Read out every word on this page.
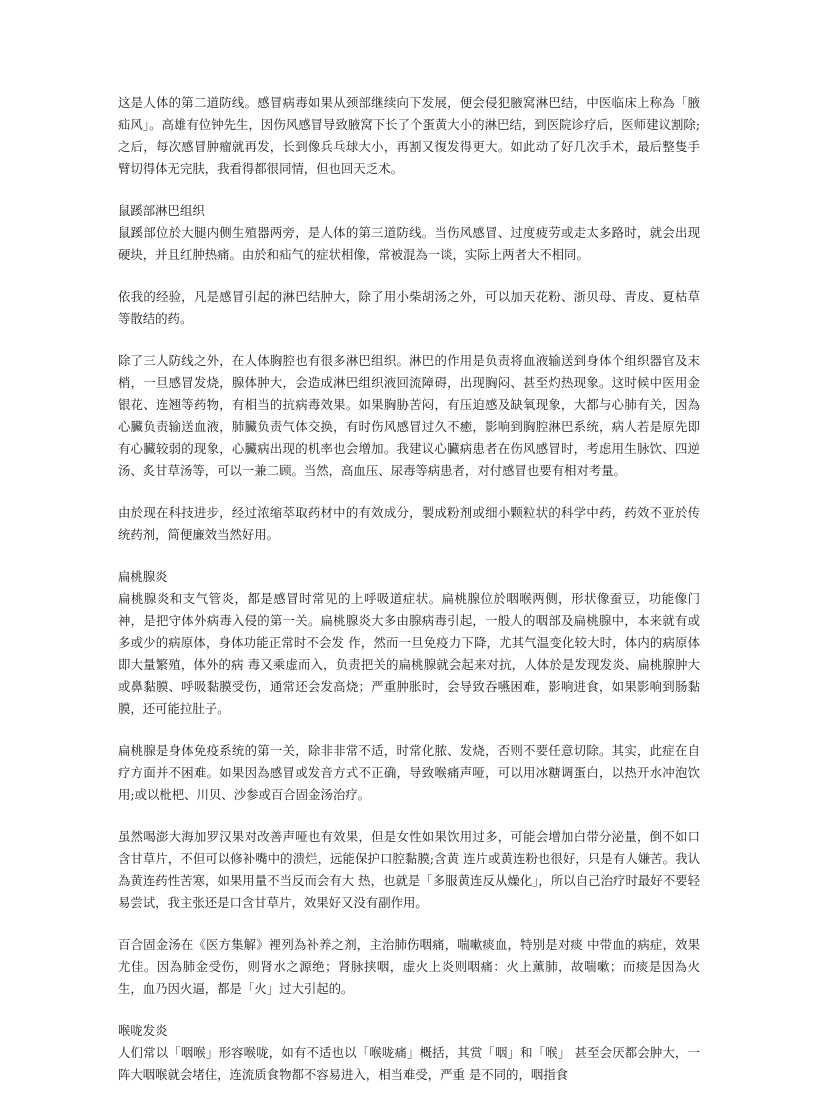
这是人体的第二道防线。感冒病毒如果从颈部继续向下发展，便会侵犯腋窝淋巴结，中医临床上称為「腋疝风」。高雄有位钟先生，因伤风感冒导致腋窝下长了个蛋黄大小的淋巴结，到医院诊疗后，医师建议割除;之后，每次感冒肿瘤就再发，长到像兵乓球大小，再割又復发得更大。如此动了好几次手术，最后整隻手臂切得体无完肤，我看得都很同情，但也回天乏术。

鼠蹊部淋巴组织

鼠蹊部位於大腿内侧生殖器两旁，是人体的第三道防线。当伤风感冒、过度疲劳或走太多路时，就会出现硬块，并且红肿热痛。由於和疝气的症状相像，常被混為一谈，实际上两者大不相同。

依我的经验，凡是感冒引起的淋巴结肿大，除了用小柴胡汤之外，可以加天花粉、浙贝母、青皮、夏枯草等散结的药。

除了三人防线之外，在人体胸腔也有很多淋巴组织。淋巴的作用是负责将血液输送到身体个组织器官及末梢，一旦感冒发烧，腺体肿大，会造成淋巴组织液回流障碍，出现胸闷、甚至灼热现象。这时候中医用金银花、连翘等药物，有相当的抗病毒效果。如果胸胁苦闷，有压迫感及缺氧现象，大都与心肺有关，因為心臟负责输送血液，肺臟负责气体交换，有时伤风感冒过久不癒，影响到胸腔淋巴系统，病人若是原先即有心臟较弱的现象，心臟病出现的机率也会增加。我建议心臟病患者在伤风感冒时，考虑用生脉饮、四逆汤、炙甘草汤等，可以一兼二顾。当然，高血压、尿毒等病患者，对付感冒也要有相对考量。

由於现在科技进步，经过浓缩萃取药材中的有效成分，製成粉剂或细小颗粒状的科学中药，药效不亚於传统药剂，简便廉效当然好用。

扁桃腺炎

扁桃腺炎和支气管炎，都是感冒时常见的上呼吸道症状。扁桃腺位於咽喉两侧，形状像蚕豆，功能像门神，是把守体外病毒入侵的第一关。扁桃腺炎大多由腺病毒引起，一般人的咽部及扁桃腺中，本来就有或多或少的病原体，身体功能正常时不会发 作，然而一旦免疫力下降，尤其气温变化较大时，体内的病原体即大量繁殖，体外的病 毒又乘虚而入，负责把关的扁桃腺就会起来对抗，人体於是发现发炎、扁桃腺肿大或鼻黏膜、呼吸黏膜受伤，通常还会发高烧；严重肿胀时，会导致吞嚥困难，影响进食，如果影响到肠黏膜，还可能拉肚子。

扁桃腺是身体免疫系统的第一关，除非非常不适，时常化脓、发烧，否则不要任意切除。其实，此症在自疗方面并不困难。如果因為感冒或发音方式不正确，导致喉痛声哑，可以用冰糖调蛋白，以热开水冲泡饮用;或以枇杷、川贝、沙参或百合固金汤治疗。

虽然喝澎大海加罗汉果对改善声哑也有效果，但是女性如果饮用过多，可能会增加白带分泌量，倒不如口含甘草片，不但可以修补嘴中的溃烂，远能保护口腔黏膜;含黄 连片或黄连粉也很好，只是有人嫌苦。我认為黄连药性苦寒，如果用量不当反而会有大 热，也就是「多服黄连反从燥化」，所以自己治疗时最好不要轻易尝试，我主张还是口含甘草片，效果好又没有副作用。

百合固金汤在《医方集解》裡列為补养之剂，主治肺伤咽痛，喘嗽痰血，特别是对痰 中带血的病症，效果尤佳。因為肺金受伤，则肾水之源绝；肾脉挟咽，虚火上炎则咽痛：火上薰肺，故喘嗽；而痰是因為火生，血乃因火逼，都是「火」过大引起的。

喉咙发炎

人们常以「咽喉」形容喉咙，如有不适也以「喉咙痛」概括，其赏「咽」和「喉」 甚至会厌都会肿大，一阵大咽喉就会堵住，连流质食物都不容易进入，相当难受，严重 是不同的，咽指食
